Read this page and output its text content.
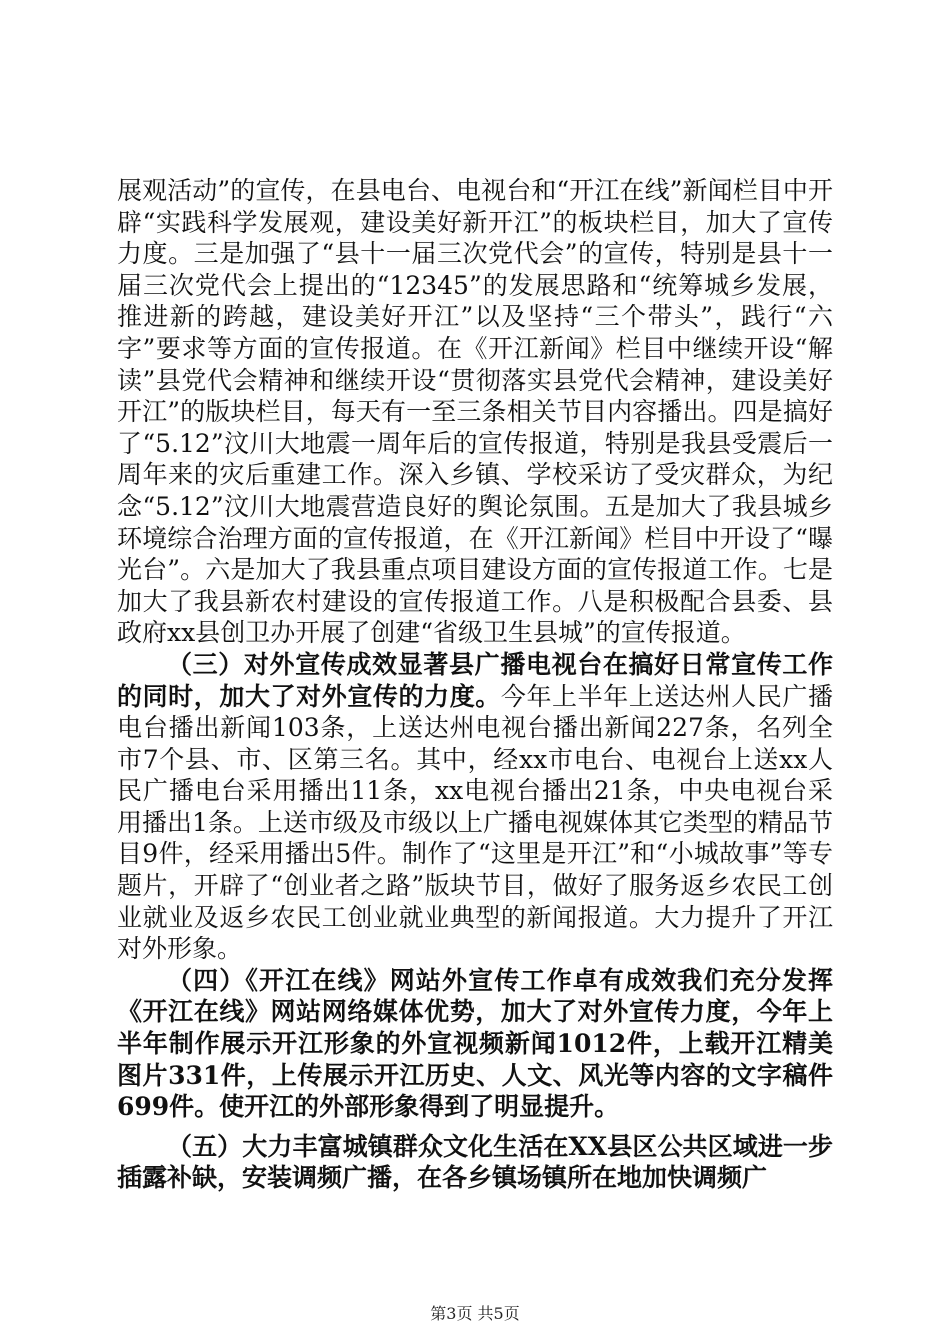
展观活动”的宣传，在县电台、电视台和“开江在线”新闻栏目中开辟“实践科学发展观，建设美好新开江”的板块栏目，加大了宣传力度。三是加强了“县十一届三次党代会”的宣传，特别是县十一届三次党代会上提出的“12345”的发展思路和“统筹城乡发展，推进新的跨越，建设美好开江”以及坚持“三个带头”，践行“六字”要求等方面的宣传报道。在《开江新闻》栏目中继续开设“解读”县党代会精神和继续开设“贯彻落实县党代会精神，建设美好开江”的版块栏目，每天有一至三条相关节目内容播出。四是搞好了“5.12”汶川大地震一周年后的宣传报道，特别是我县受震后一周年来的灾后重建工作。深入乡镇、学校采访了受灾群众，为纪念“5.12”汶川大地震营造良好的舆论氛围。五是加大了我县城乡环境综合治理方面的宣传报道，在《开江新闻》栏目中开设了“曝光台”。六是加大了我县重点项目建设方面的宣传报道工作。七是加大了我县新农村建设的宣传报道工作。八是积极配合县委、县政府xx县创卫办开展了创建“省级卫生县城”的宣传报道。

（三）对外宣传成效显著县广播电视台在搞好日常宣传工作的同时，加大了对外宣传的力度。今年上半年上送达州人民广播电台播出新闻103条，上送达州电视台播出新闻227条，名列全市7个县、市、区第三名。其中，经xx市电台、电视台上送xx人民广播电台采用播出11条，xx电视台播出21条，中央电视台采用播出1条。上送市级及市级以上广播电视媒体其它类型的精品节目9件，经采用播出5件。制作了“这里是开江”和“小城故事”等专题片，开辟了“创业者之路”版块节目，做好了服务返乡农民工创业就业及返乡农民工创业就业典型的新闻报道。大力提升了开江对外形象。

（四）《开江在线》网站外宣传工作卓有成效我们充分发挥《开江在线》网站网络媒体优势，加大了对外宣传力度，今年上半年制作展示开江形象的外宣视频新闻1012件，上载开江精美图片331件，上传展示开江历史、人文、风光等内容的文字稿件699件。使开江的外部形象得到了明显提升。

（五）大力丰富城镇群众文化生活在XX县区公共区域进一步插露补缺，安装调频广播，在各乡镇场镇所在地加快调频广

第3页 共5页
